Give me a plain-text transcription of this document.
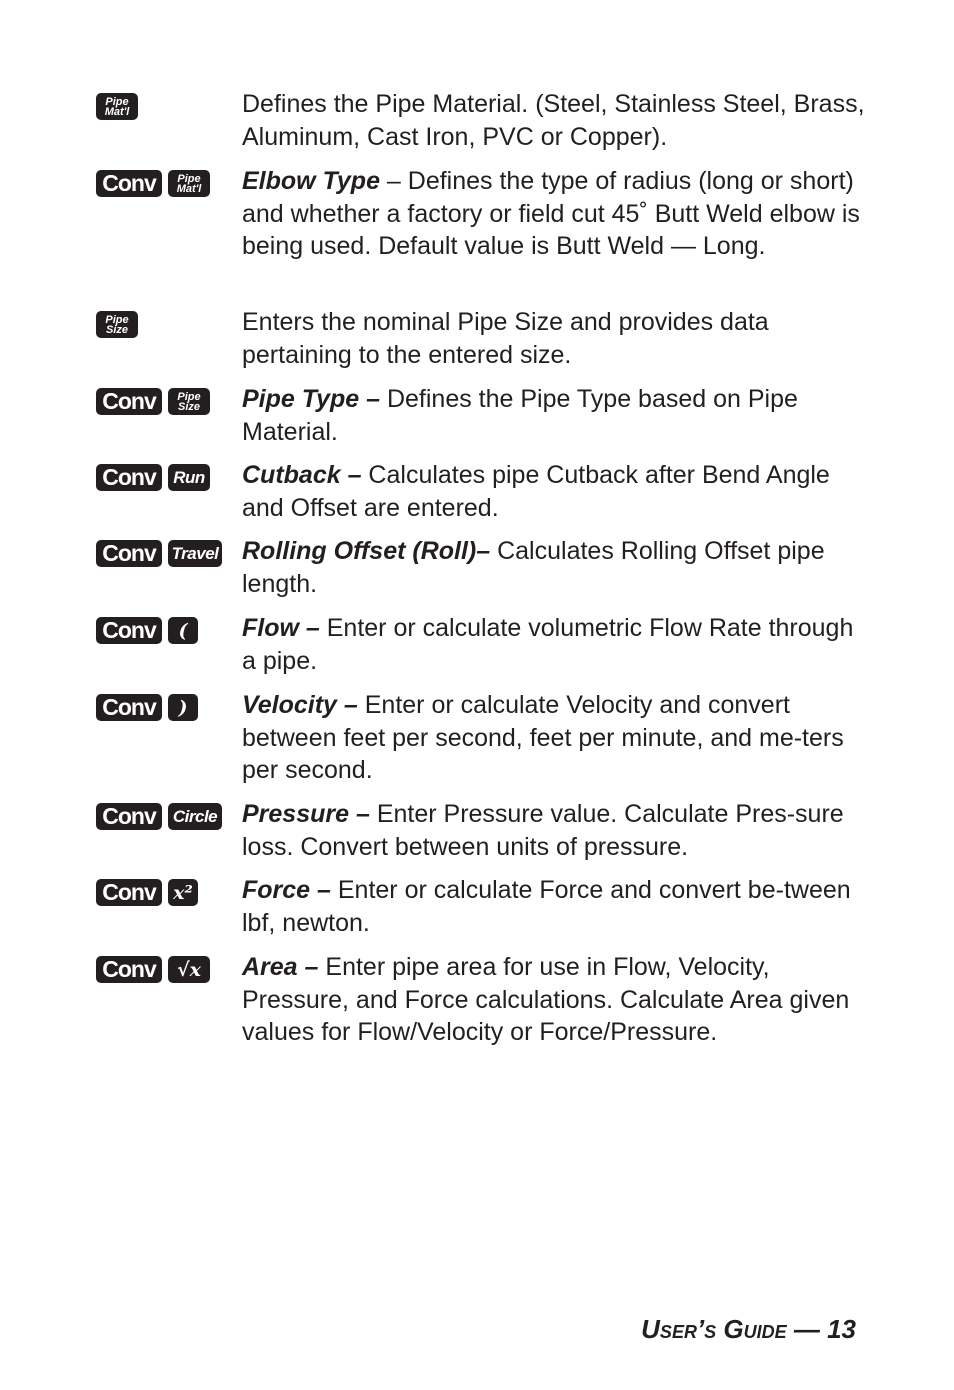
Pipe
Mat'l	Defines the Pipe Material. (Steel, Stainless Steel, Brass, Aluminum, Cast Iron, PVC or Copper).
Conv Pipe
Mat'l Elbow Type – Defines the type of radius (long or short) and whether a factory or field cut 45˚ Butt Weld elbow is being used. Default value is Butt Weld — Long.
Pipe
Size	Enters the nominal Pipe Size and provides data pertaining to the entered size.
Conv Pipe
Size Pipe Type – Defines the Pipe Type based on Pipe Material.
Conv Run Cutback – Calculates pipe Cutback after Bend Angle and Offset are entered.
Conv Travel Rolling Offset (Roll)– Calculates Rolling Offset pipe length.
Conv ( Flow – Enter or calculate volumetric Flow Rate through a pipe.
Conv ) Velocity – Enter or calculate Velocity and convert between feet per second, feet per minute, and me-ters per second.
Conv Circle Pressure – Enter Pressure value. Calculate Pres-sure loss. Convert between units of pressure.
Conv x² Force – Enter or calculate Force and convert be-tween lbf, newton.
Conv √x Area – Enter pipe area for use in Flow, Velocity, Pressure, and Force calculations. Calculate Area given values for Flow/Velocity or Force/Pressure.
User’s Guide — 13
